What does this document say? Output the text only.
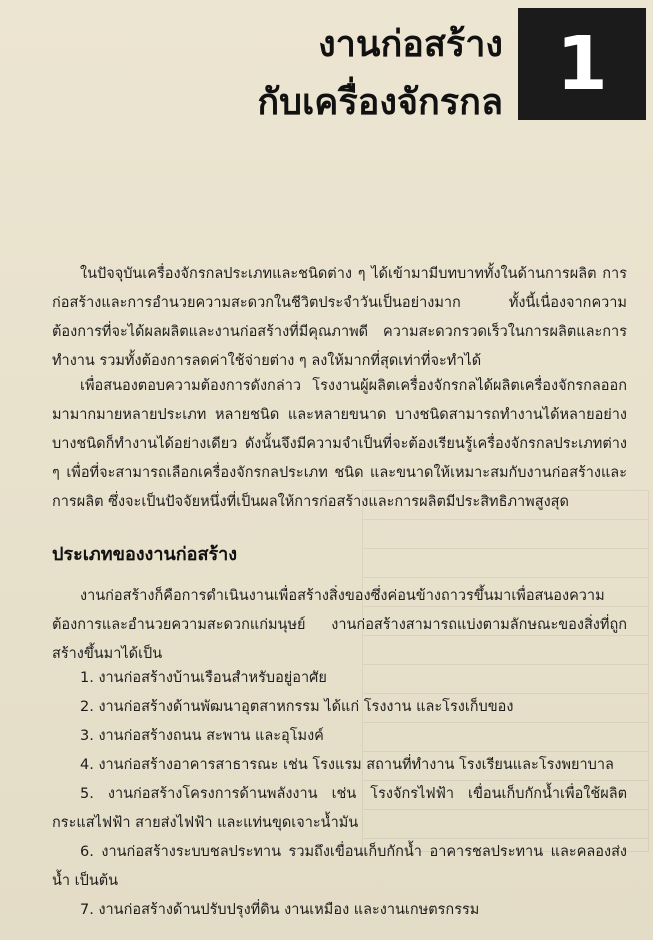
งานก่อสร้าง
กับเครื่องจักรกล 1

ในปัจจุบันเครื่องจักรกลประเภทและชนิดต่าง ๆ ได้เข้ามามีบทบาททั้งในด้านการผลิต การก่อสร้างและการอำนวยความสะดวกในชีวิตประจำวันเป็นอย่างมาก ทั้งนี้เนื่องจากความต้องการที่จะได้ผลผลิตและงานก่อสร้างที่มีคุณภาพดี ความสะดวกรวดเร็วในการผลิตและการทำงาน รวมทั้งต้องการลดค่าใช้จ่ายต่าง ๆ ลงให้มากที่สุดเท่าที่จะทำได้

เพื่อสนองตอบความต้องการดังกล่าว โรงงานผู้ผลิตเครื่องจักรกลได้ผลิตเครื่องจักรกลออกมามากมายหลายประเภท หลายชนิด และหลายขนาด บางชนิดสามารถทำงานได้หลายอย่าง บางชนิดก็ทำงานได้อย่างเดียว ดังนั้นจึงมีความจำเป็นที่จะต้องเรียนรู้เครื่องจักรกลประเภทต่าง ๆ เพื่อที่จะสามารถเลือกเครื่องจักรกลประเภท ชนิด และขนาดให้เหมาะสมกับงานก่อสร้างและการผลิต ซึ่งจะเป็นปัจจัยหนึ่งที่เป็นผลให้การก่อสร้างและการผลิตมีประสิทธิภาพสูงสุด

ประเภทของงานก่อสร้าง

งานก่อสร้างก็คือการดำเนินงานเพื่อสร้างสิ่งของซึ่งค่อนข้างถาวรขึ้นมาเพื่อสนองความต้องการและอำนวยความสะดวกแก่มนุษย์ งานก่อสร้างสามารถแบ่งตามลักษณะของสิ่งที่ถูกสร้างขึ้นมาได้เป็น

1. งานก่อสร้างบ้านเรือนสำหรับอยู่อาศัย
2. งานก่อสร้างด้านพัฒนาอุตสาหกรรม ได้แก่ โรงงาน และโรงเก็บของ
3. งานก่อสร้างถนน สะพาน และอุโมงค์
4. งานก่อสร้างอาคารสาธารณะ เช่น โรงแรม สถานที่ทำงาน โรงเรียนและโรงพยาบาล
5. งานก่อสร้างโครงการด้านพลังงาน เช่น โรงจักรไฟฟ้า เขื่อนเก็บกักน้ำเพื่อใช้ผลิตกระแสไฟฟ้า สายส่งไฟฟ้า และแท่นขุดเจาะน้ำมัน
6. งานก่อสร้างระบบชลประทาน รวมถึงเขื่อนเก็บกักน้ำ อาคารชลประทาน และคลองส่งน้ำ เป็นต้น
7. งานก่อสร้างด้านปรับปรุงที่ดิน งานเหมือง และงานเกษตรกรรม
